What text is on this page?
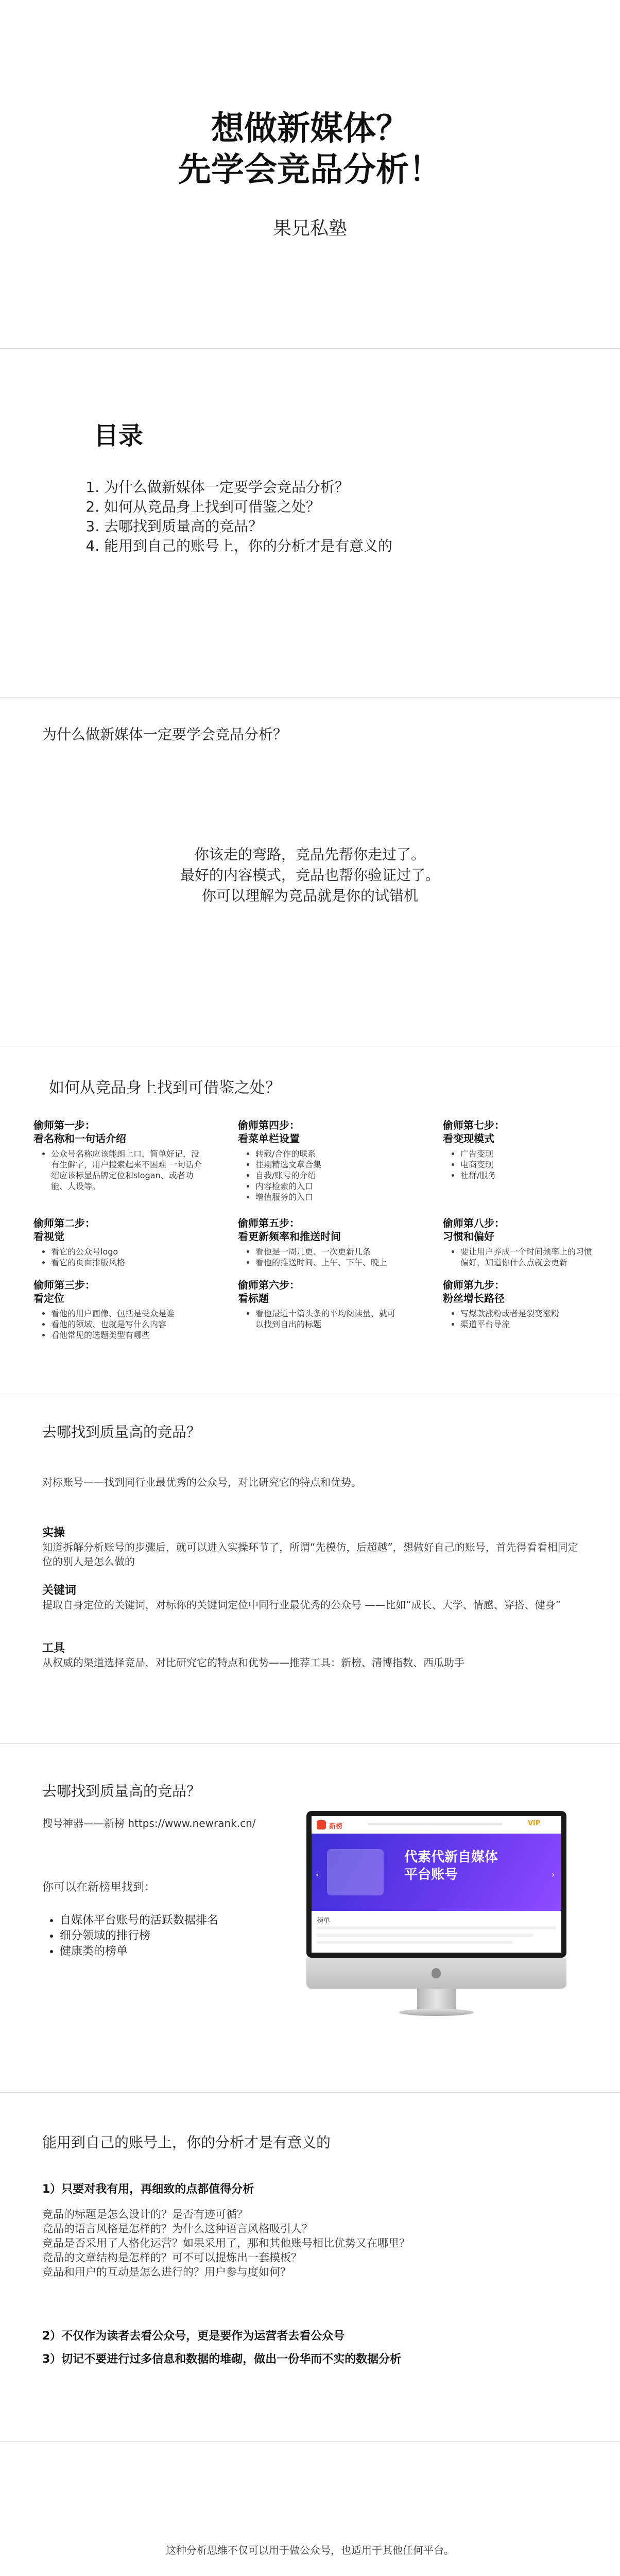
想做新媒体？
先学会竞品分析！
果兄私塾
目录
1. 为什么做新媒体一定要学会竞品分析？
2. 如何从竞品身上找到可借鉴之处？
3. 去哪找到质量高的竞品？
4. 能用到自己的账号上，你的分析才是有意义的
为什么做新媒体一定要学会竞品分析？
你该走的弯路，竞品先帮你走过了。
最好的内容模式，竞品也帮你验证过了。
你可以理解为竞品就是你的试错机
如何从竞品身上找到可借鉴之处？
偷师第一步：
看名称和一句话介绍
• 公众号名称应该能朗上口，简单好记，没有生僻字，用户搜索起来不困难 一句话介绍应该标显品牌定位和slogan、或者功能、人设等。
偷师第二步：
看视觉
• 看它的公众号logo
• 看它的页面排版风格
偷师第三步：
看定位
• 看他的用户画像、包括是受众是谁
• 看他的领域、也就是写什么内容
• 看他常见的选题类型有哪些
偷师第四步：
看菜单栏设置
• 转载/合作的联系
• 往期精选文章合集
• 自我/账号的介绍
• 内容检索的入口
• 增值服务的入口
偷师第五步：
看更新频率和推送时间
• 看他是一周几更、一次更新几条
• 看他的推送时间、上午、下午、晚上
偷师第六步：
看标题
• 看他最近十篇头条的平均阅读量、就可以找到自出的标题
偷师第七步：
看变现模式
• 广告变现
• 电商变现
• 社群/服务
偷师第八步：
习惯和偏好
• 要让用户养成一个时间频率上的习惯偏好，知道你什么点就会更新
偷师第九步：
粉丝增长路径
• 写爆款涨粉或者是裂变涨粉
• 渠道平台导流
去哪找到质量高的竞品？
对标账号——找到同行业最优秀的公众号，对比研究它的特点和优势。
实操
知道拆解分析账号的步骤后，就可以进入实操环节了，所谓“先模仿，后超越”，想做好自己的账号，首先得看看相同定位的别人是怎么做的
关键词
提取自身定位的关键词，对标你的关键词定位中同行业最优秀的公众号 ——比如“成长、大学、情感、穿搭、健身”
工具
从权威的渠道选择竞品，对比研究它的特点和优势——推荐工具：新榜、清博指数、西瓜助手
去哪找到质量高的竞品？
搜号神器——新榜 https://www.newrank.cn/
你可以在新榜里找到：
• 自媒体平台账号的活跃数据排名
• 细分领域的排行榜
• 健康类的榜单
新榜	VIP
代素代新自媒体
平台账号
‹	›
榜单
能用到自己的账号上，你的分析才是有意义的
1）只要对我有用，再细致的点都值得分析
竞品的标题是怎么设计的？是否有迹可循？
竞品的语言风格是怎样的？为什么这种语言风格吸引人？
竞品是否采用了人格化运营？如果采用了，那和其他账号相比优势又在哪里？
竞品的文章结构是怎样的？可不可以提炼出一套模板？
竞品和用户的互动是怎么进行的？用户参与度如何？
2）不仅作为读者去看公众号，更是要作为运营者去看公众号
3）切记不要进行过多信息和数据的堆砌，做出一份华而不实的数据分析
这种分析思维不仅可以用于做公众号，也适用于其他任何平台。
